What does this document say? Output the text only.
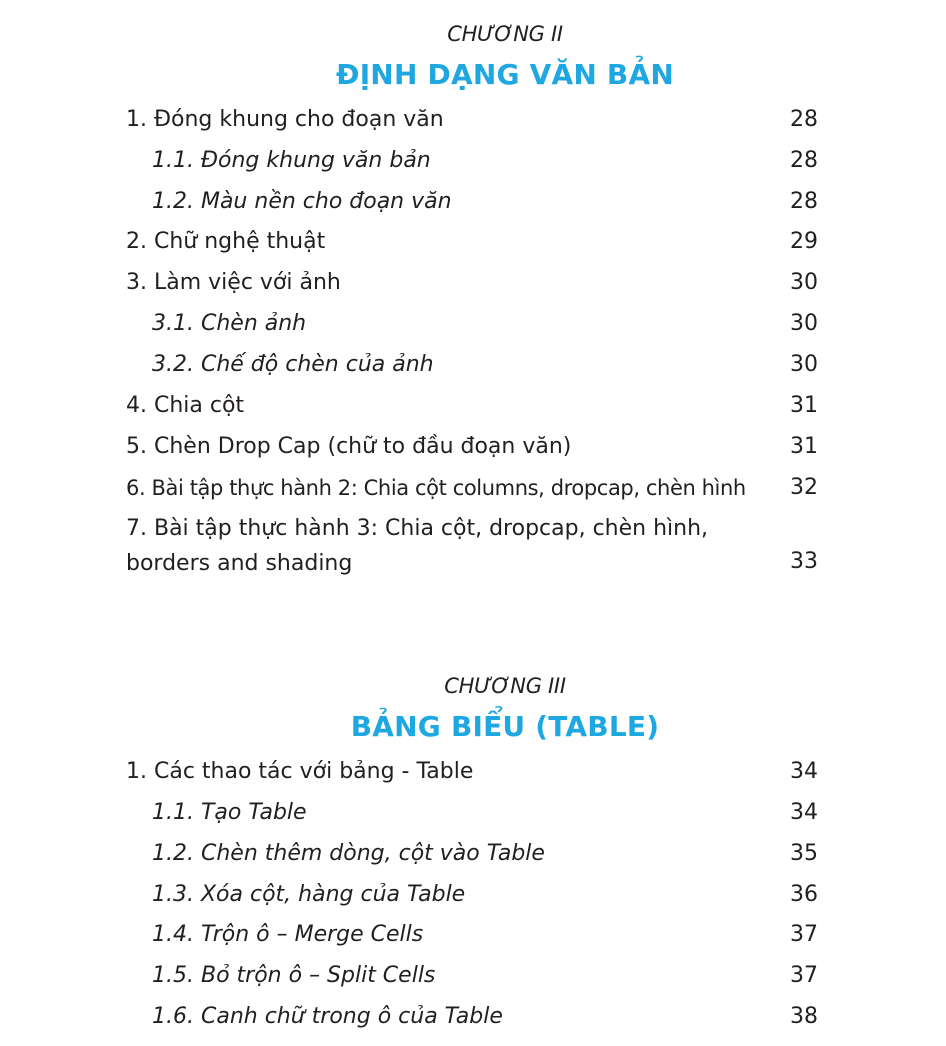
CHƯƠNG II
ĐỊNH DẠNG VĂN BẢN
1. Đóng khung cho đoạn văn	28
1.1. Đóng khung văn bản	28
1.2. Màu nền cho đoạn văn	28
2. Chữ nghệ thuật	29
3. Làm việc với ảnh	30
3.1. Chèn ảnh	30
3.2. Chế độ chèn của ảnh	30
4. Chia cột	31
5. Chèn Drop Cap (chữ to đầu đoạn văn)	31
6. Bài tập thực hành 2: Chia cột columns, dropcap, chèn hình	32
7. Bài tập thực hành 3: Chia cột, dropcap, chèn hình, borders and shading	33
CHƯƠNG III
BẢNG BIỂU (TABLE)
1. Các thao tác với bảng - Table	34
1.1. Tạo Table	34
1.2. Chèn thêm dòng, cột vào Table	35
1.3. Xóa cột, hàng của Table	36
1.4. Trộn ô – Merge Cells	37
1.5. Bỏ trộn ô – Split Cells	37
1.6. Canh chữ trong ô của Table	38
